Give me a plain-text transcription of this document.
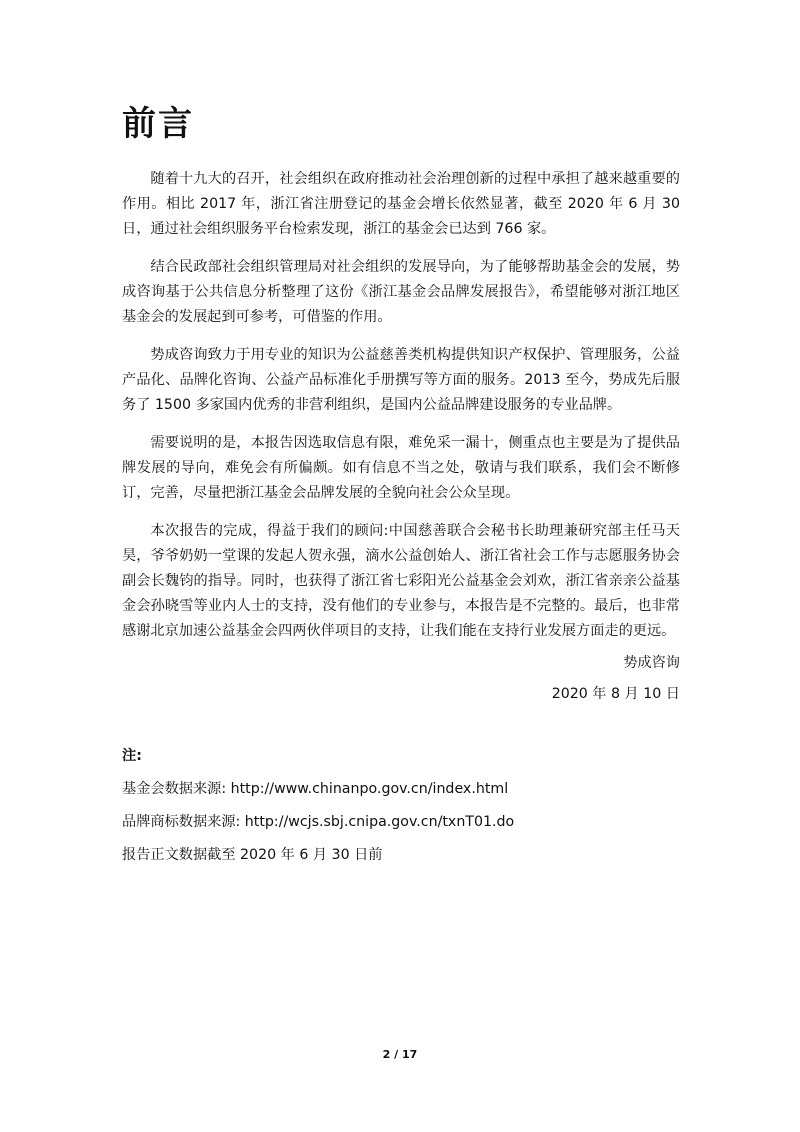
前言

随着十九大的召开，社会组织在政府推动社会治理创新的过程中承担了越来越重要的作用。相比 2017 年，浙江省注册登记的基金会增长依然显著，截至 2020 年 6 月 30 日，通过社会组织服务平台检索发现，浙江的基金会已达到 766 家。

结合民政部社会组织管理局对社会组织的发展导向，为了能够帮助基金会的发展，势成咨询基于公共信息分析整理了这份《浙江基金会品牌发展报告》，希望能够对浙江地区基金会的发展起到可参考，可借鉴的作用。

势成咨询致力于用专业的知识为公益慈善类机构提供知识产权保护、管理服务，公益产品化、品牌化咨询、公益产品标准化手册撰写等方面的服务。2013 至今，势成先后服务了 1500 多家国内优秀的非营利组织，是国内公益品牌建设服务的专业品牌。

需要说明的是，本报告因选取信息有限，难免采一漏十，侧重点也主要是为了提供品牌发展的导向，难免会有所偏颇。如有信息不当之处，敬请与我们联系，我们会不断修订，完善，尽量把浙江基金会品牌发展的全貌向社会公众呈现。

本次报告的完成，得益于我们的顾问:中国慈善联合会秘书长助理兼研究部主任马天昊，爷爷奶奶一堂课的发起人贺永强，滴水公益创始人、浙江省社会工作与志愿服务协会副会长魏钧的指导。同时，也获得了浙江省七彩阳光公益基金会刘欢，浙江省亲亲公益基金会孙晓雪等业内人士的支持，没有他们的专业参与，本报告是不完整的。最后，也非常感谢北京加速公益基金会四两伙伴项目的支持，让我们能在支持行业发展方面走的更远。

势成咨询
2020 年 8 月 10 日

注:

基金会数据来源: http://www.chinanpo.gov.cn/index.html

品牌商标数据来源: http://wcjs.sbj.cnipa.gov.cn/txnT01.do

报告正文数据截至 2020 年 6 月 30 日前

2 / 17
